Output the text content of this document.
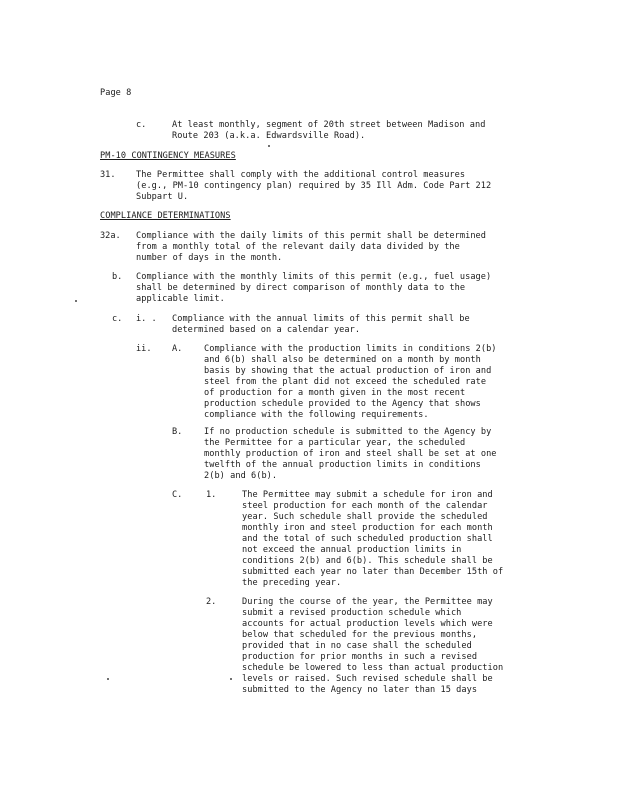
Page 8
c.	At least monthly, segment of 20th street between Madison and
Route 203 (a.k.a. Edwardsville Road).
PM-10 CONTINGENCY MEASURES
31. The Permittee shall comply with the additional control measures
(e.g., PM-10 contingency plan) required by 35 Ill Adm. Code Part 212
Subpart U.
COMPLIANCE DETERMINATIONS
32a. Compliance with the daily limits of this permit shall be determined
from a monthly total of the relevant daily data divided by the
number of days in the month.
b. Compliance with the monthly limits of this permit (e.g., fuel usage)
shall be determined by direct comparison of monthly data to the
applicable limit.
c. i. . Compliance with the annual limits of this permit shall be
determined based on a calendar year.
ii. A.	Compliance with the production limits in conditions 2(b)
and 6(b) shall also be determined on a month by month
basis by showing that the actual production of iron and
steel from the plant did not exceed the scheduled rate
of production for a month given in the most recent
production schedule provided to the Agency that shows
compliance with the following requirements.
B.	If no production schedule is submitted to the Agency by
the Permittee for a particular year, the scheduled
monthly production of iron and steel shall be set at one
twelfth of the annual production limits in conditions
2(b) and 6(b).
C.	1.	The Permittee may submit a schedule for iron and
steel production for each month of the calendar
year. Such schedule shall provide the scheduled
monthly iron and steel production for each month
and the total of such scheduled production shall
not exceed the annual production limits in
conditions 2(b) and 6(b). This schedule shall be
submitted each year no later than December 15th of
the preceding year.
2.	During the course of the year, the Permittee may
submit a revised production schedule which
accounts for actual production levels which were
below that scheduled for the previous months,
provided that in no case shall the scheduled
production for prior months in such a revised
schedule be lowered to less than actual production
levels or raised. Such revised schedule shall be
submitted to the Agency no later than 15 days
